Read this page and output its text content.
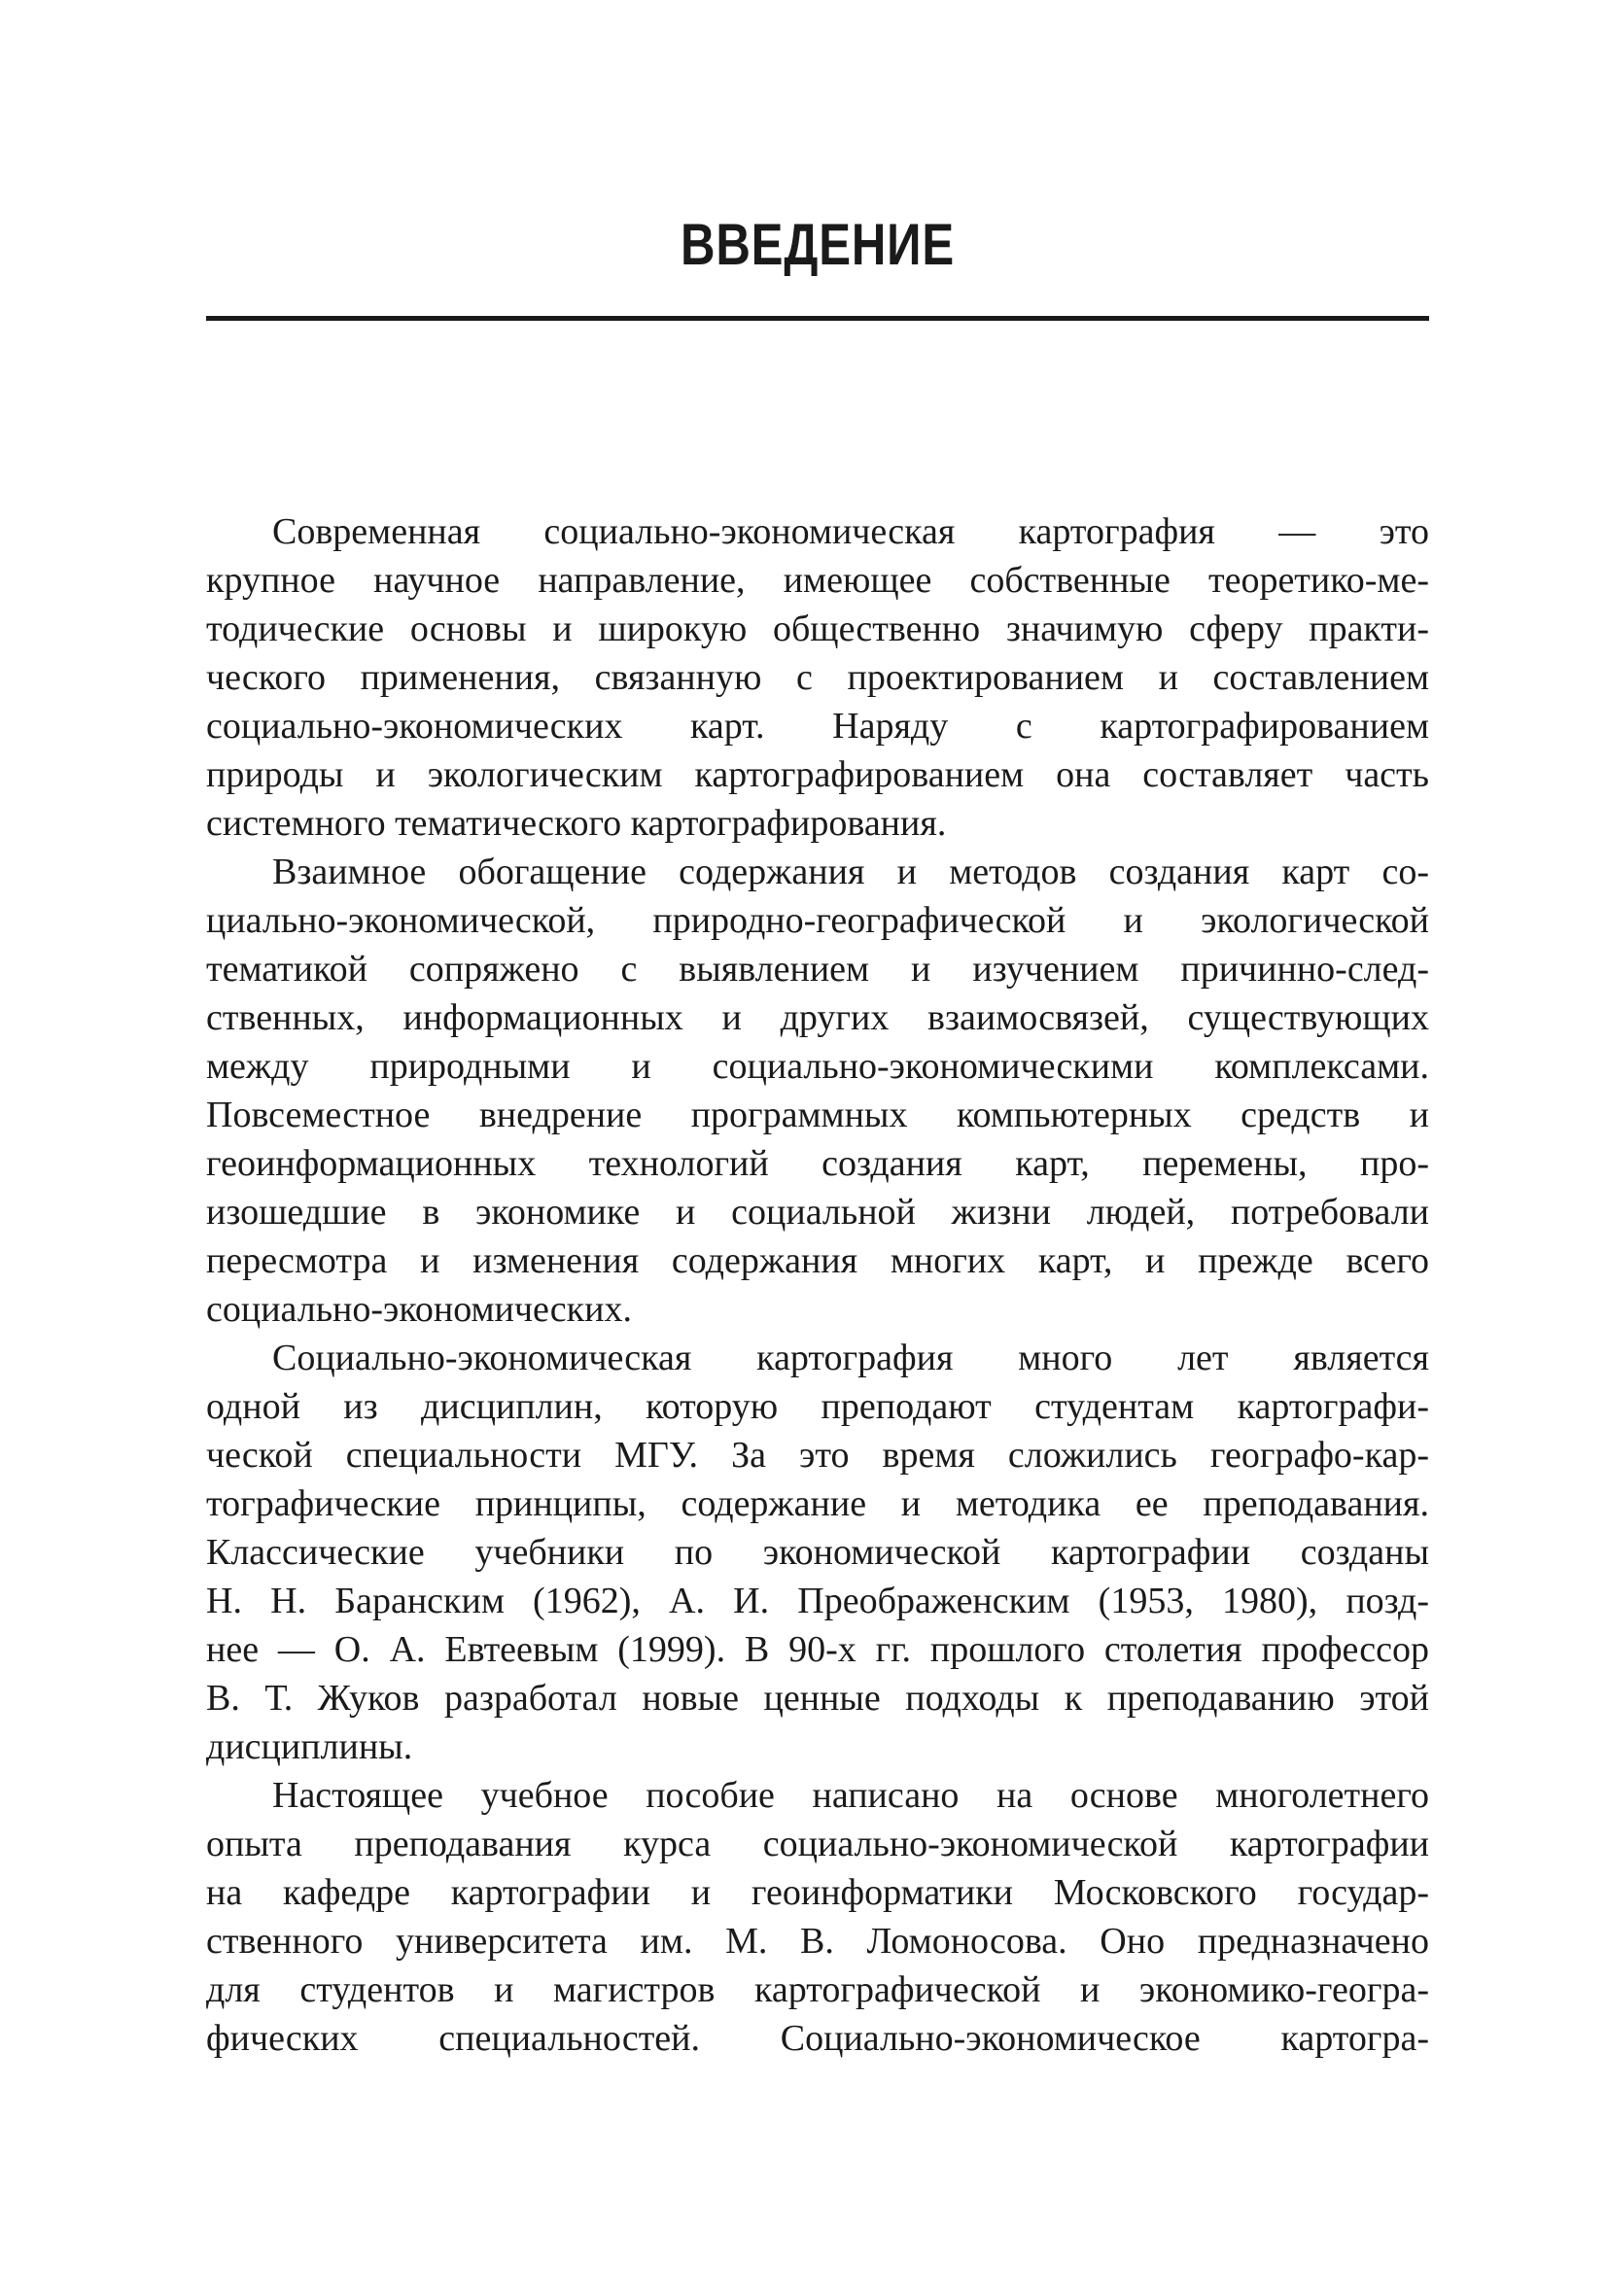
ВВЕДЕНИЕ
Современная социально-экономическая картография — это
крупное научное направление, имеющее собственные теоретико-ме-
тодические основы и широкую общественно значимую сферу практи-
ческого применения, связанную с проектированием и составлением
социально-экономических карт. Наряду с картографированием
природы и экологическим картографированием она составляет часть
системного тематического картографирования.
Взаимное обогащение содержания и методов создания карт со-
циально-экономической, природно-географической и экологической
тематикой сопряжено с выявлением и изучением причинно-след-
ственных, информационных и других взаимосвязей, существующих
между природными и социально-экономическими комплексами.
Повсеместное внедрение программных компьютерных средств и
геоинформационных технологий создания карт, перемены, про-
изошедшие в экономике и социальной жизни людей, потребовали
пересмотра и изменения содержания многих карт, и прежде всего
социально-экономических.
Социально-экономическая картография много лет является
одной из дисциплин, которую преподают студентам картографи-
ческой специальности МГУ. За это время сложились географо-кар-
тографические принципы, содержание и методика ее преподавания.
Классические учебники по экономической картографии созданы
Н. Н. Баранским (1962), А. И. Преображенским (1953, 1980), позд-
нее — О. А. Евтеевым (1999). В 90-х гг. прошлого столетия профессор
В. Т. Жуков разработал новые ценные подходы к преподаванию этой
дисциплины.
Настоящее учебное пособие написано на основе многолетнего
опыта преподавания курса социально-экономической картографии
на кафедре картографии и геоинформатики Московского государ-
ственного университета им. М. В. Ломоносова. Оно предназначено
для студентов и магистров картографической и экономико-геогра-
фических специальностей. Социально-экономическое картогра-
